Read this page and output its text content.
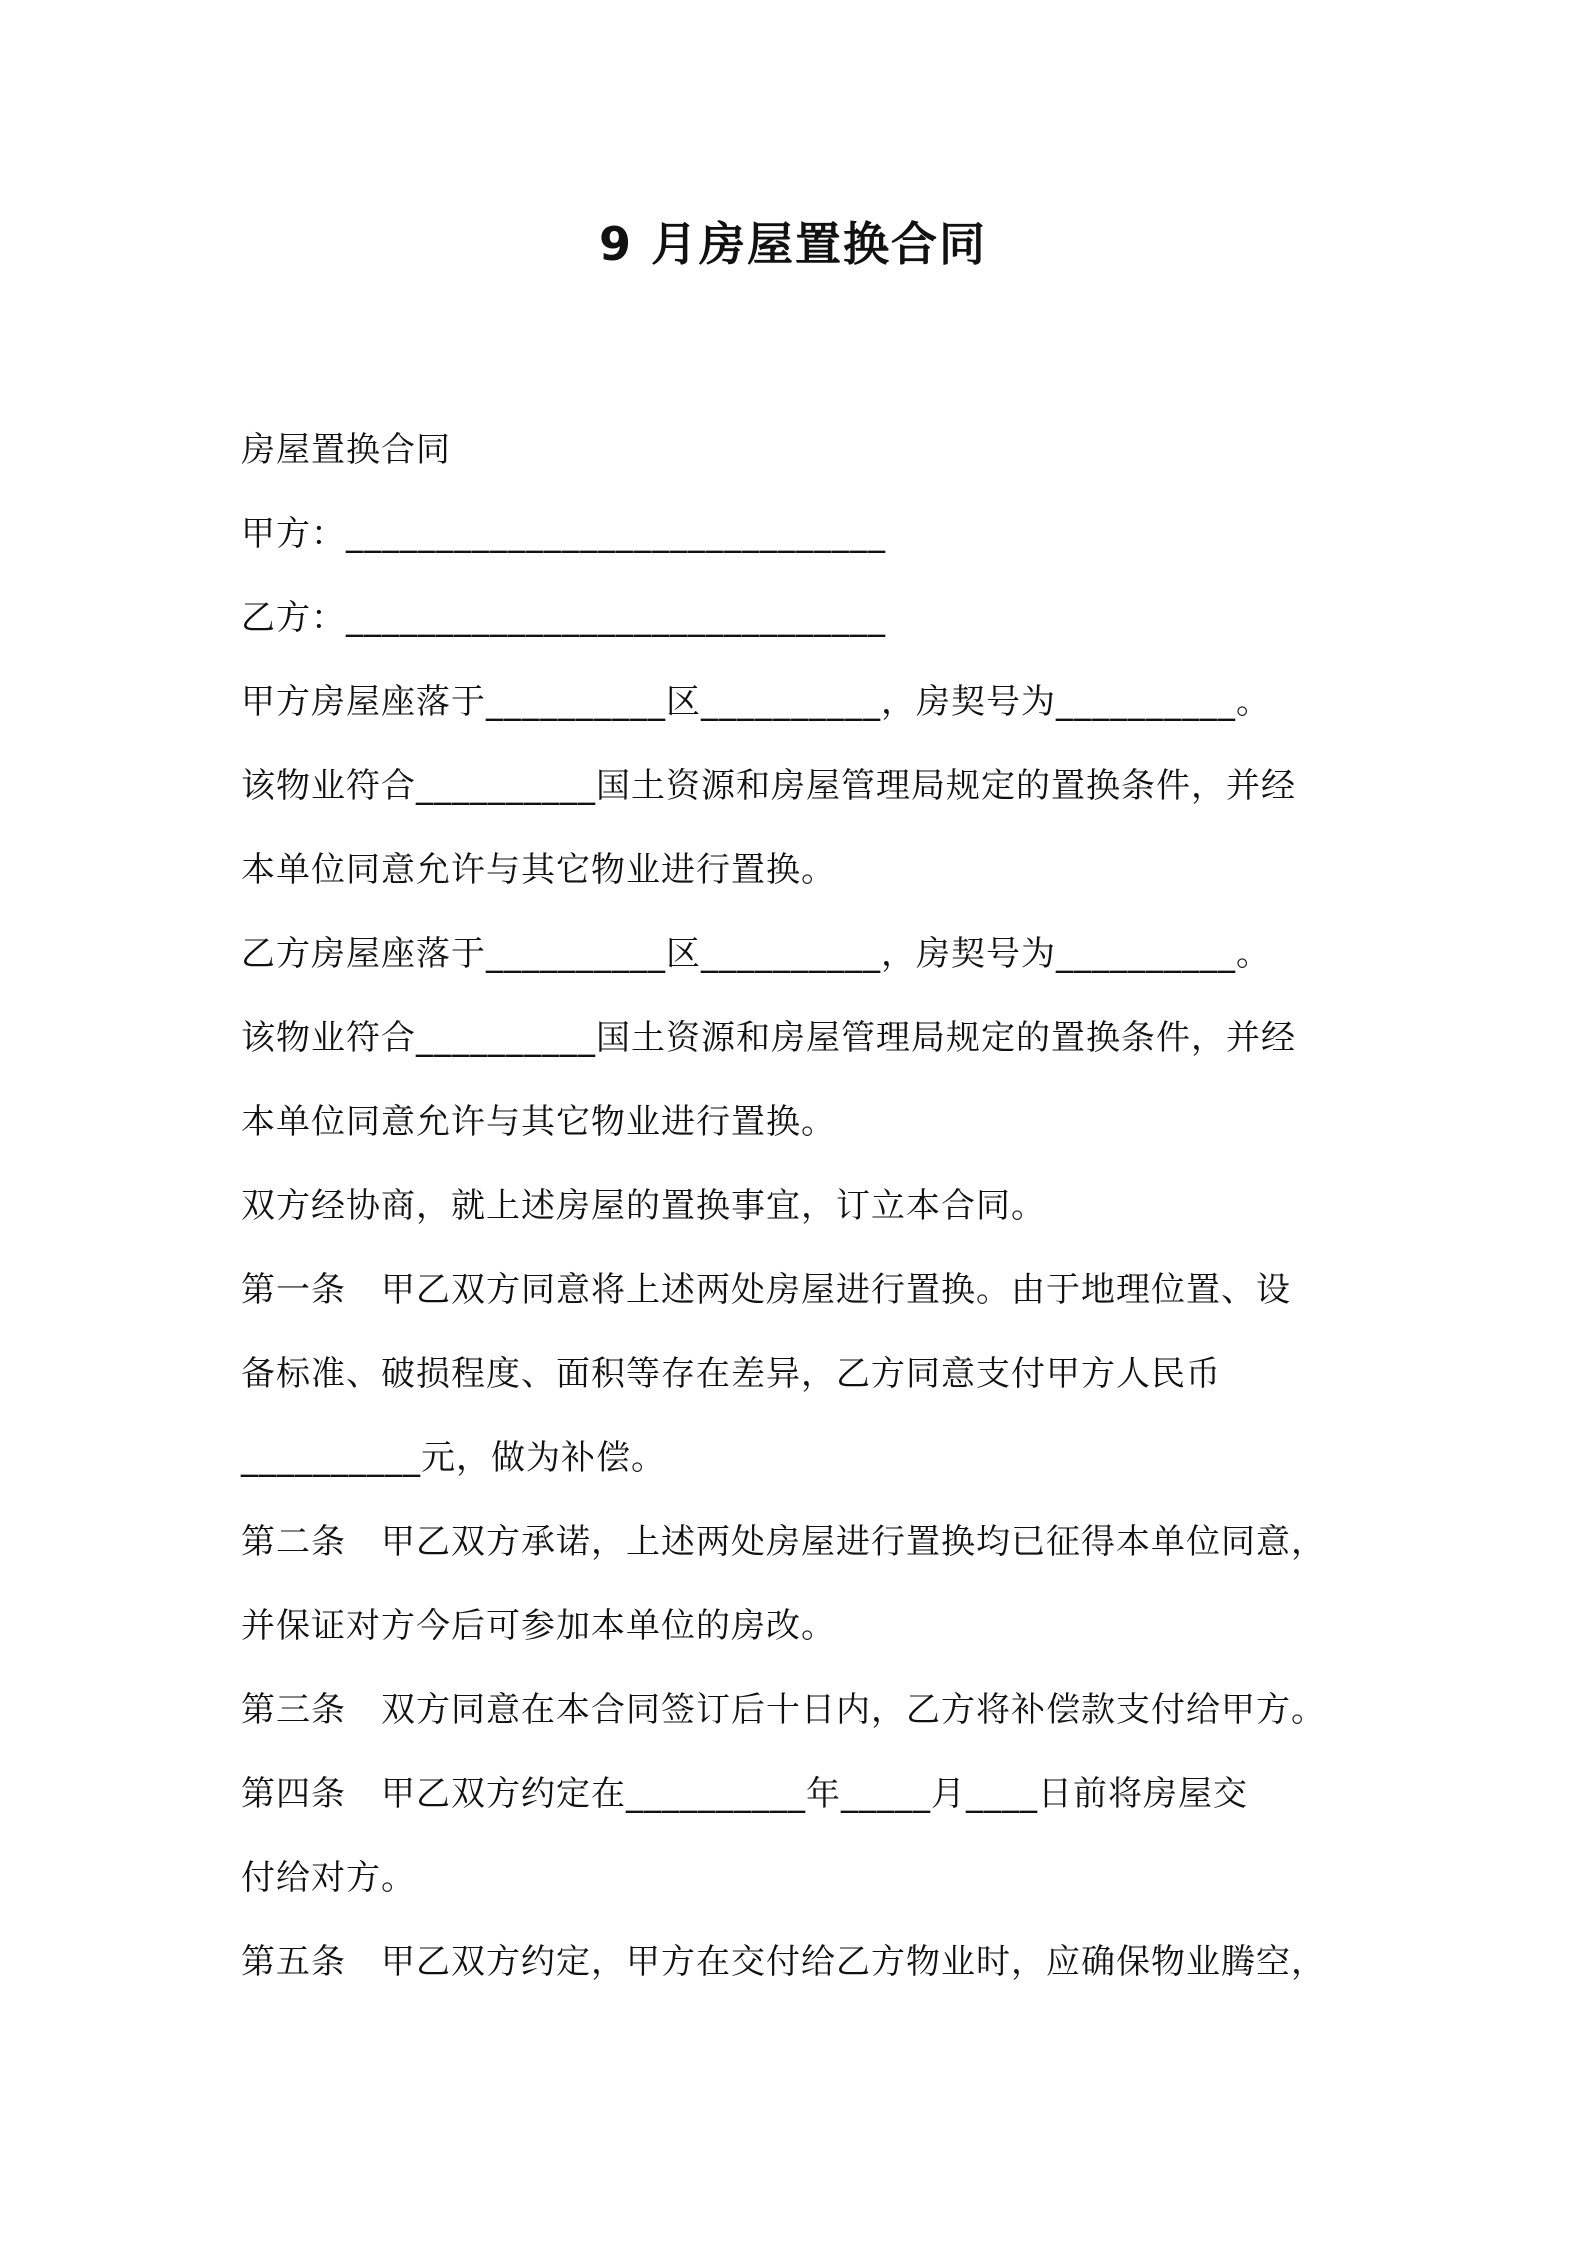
9 月房屋置换合同
房屋置换合同
甲方：______________________________
乙方：______________________________
甲方房屋座落于__________区__________，房契号为__________。
该物业符合__________国土资源和房屋管理局规定的置换条件，并经
本单位同意允许与其它物业进行置换。
乙方房屋座落于__________区__________，房契号为__________。
该物业符合__________国土资源和房屋管理局规定的置换条件，并经
本单位同意允许与其它物业进行置换。
双方经协商，就上述房屋的置换事宜，订立本合同。
第一条　甲乙双方同意将上述两处房屋进行置换。由于地理位置、设
备标准、破损程度、面积等存在差异，乙方同意支付甲方人民币
__________元，做为补偿。
第二条　甲乙双方承诺，上述两处房屋进行置换均已征得本单位同意，
并保证对方今后可参加本单位的房改。
第三条　双方同意在本合同签订后十日内，乙方将补偿款支付给甲方。
第四条　甲乙双方约定在__________年_____月____日前将房屋交
付给对方。
第五条　甲乙双方约定，甲方在交付给乙方物业时，应确保物业腾空，
